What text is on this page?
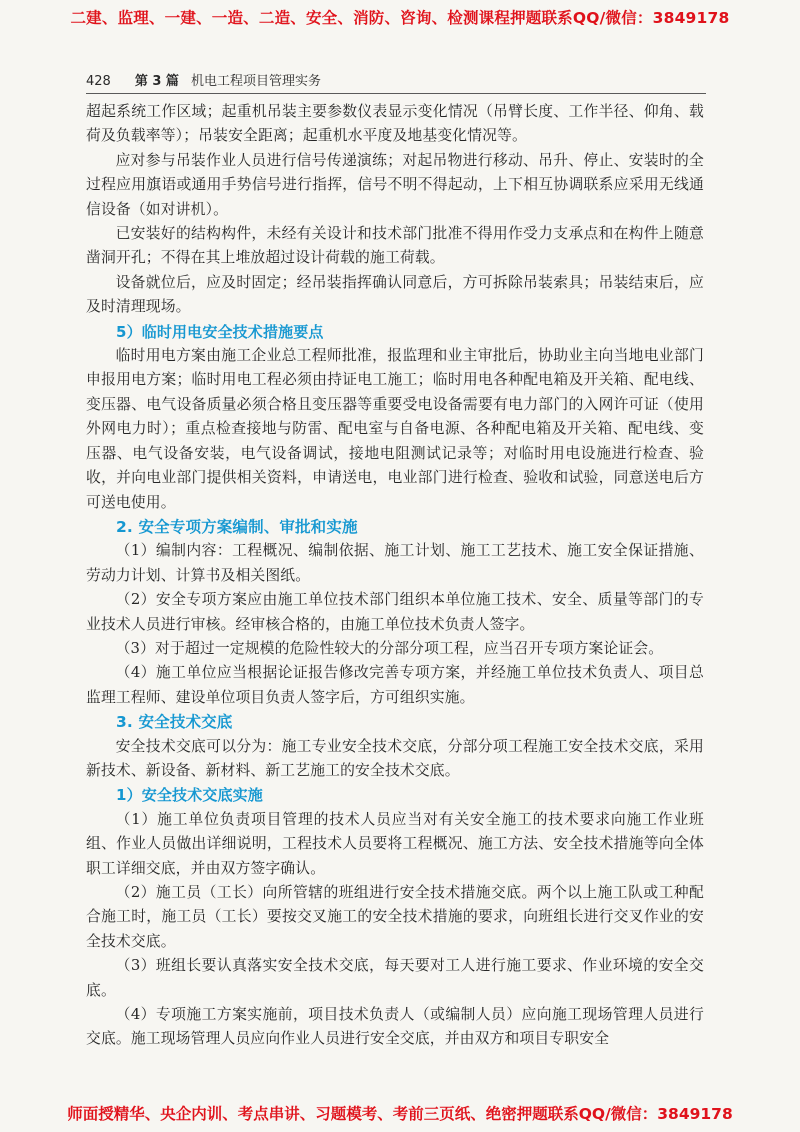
二建、监理、一建、一造、二造、安全、消防、咨询、检测课程押题联系QQ/微信：3849178
428 第 3 篇 机电工程项目管理实务

超起系统工作区域；起重机吊装主要参数仪表显示变化情况（吊臂长度、工作半径、仰角、载荷及负载率等）；吊装安全距离；起重机水平度及地基变化情况等。

应对参与吊装作业人员进行信号传递演练；对起吊物进行移动、吊升、停止、安装时的全过程应用旗语或通用手势信号进行指挥，信号不明不得起动，上下相互协调联系应采用无线通信设备（如对讲机）。

已安装好的结构构件，未经有关设计和技术部门批准不得用作受力支承点和在构件上随意凿洞开孔；不得在其上堆放超过设计荷载的施工荷载。

设备就位后，应及时固定；经吊装指挥确认同意后，方可拆除吊装索具；吊装结束后，应及时清理现场。

5）临时用电安全技术措施要点

临时用电方案由施工企业总工程师批准，报监理和业主审批后，协助业主向当地电业部门申报用电方案；临时用电工程必须由持证电工施工；临时用电各种配电箱及开关箱、配电线、变压器、电气设备质量必须合格且变压器等重要受电设备需要有电力部门的入网许可证（使用外网电力时）；重点检查接地与防雷、配电室与自备电源、各种配电箱及开关箱、配电线、变压器、电气设备安装，电气设备调试，接地电阻测试记录等；对临时用电设施进行检查、验收，并向电业部门提供相关资料，申请送电，电业部门进行检查、验收和试验，同意送电后方可送电使用。

2. 安全专项方案编制、审批和实施

（1）编制内容：工程概况、编制依据、施工计划、施工工艺技术、施工安全保证措施、劳动力计划、计算书及相关图纸。

（2）安全专项方案应由施工单位技术部门组织本单位施工技术、安全、质量等部门的专业技术人员进行审核。经审核合格的，由施工单位技术负责人签字。

（3）对于超过一定规模的危险性较大的分部分项工程，应当召开专项方案论证会。

（4）施工单位应当根据论证报告修改完善专项方案，并经施工单位技术负责人、项目总监理工程师、建设单位项目负责人签字后，方可组织实施。

3. 安全技术交底

安全技术交底可以分为：施工专业安全技术交底，分部分项工程施工安全技术交底，采用新技术、新设备、新材料、新工艺施工的安全技术交底。

1）安全技术交底实施

（1）施工单位负责项目管理的技术人员应当对有关安全施工的技术要求向施工作业班组、作业人员做出详细说明，工程技术人员要将工程概况、施工方法、安全技术措施等向全体职工详细交底，并由双方签字确认。

（2）施工员（工长）向所管辖的班组进行安全技术措施交底。两个以上施工队或工种配合施工时，施工员（工长）要按交叉施工的安全技术措施的要求，向班组长进行交叉作业的安全技术交底。

（3）班组长要认真落实安全技术交底，每天要对工人进行施工要求、作业环境的安全交底。

（4）专项施工方案实施前，项目技术负责人（或编制人员）应向施工现场管理人员进行交底。施工现场管理人员应向作业人员进行安全交底，并由双方和项目专职安全

师面授精华、央企内训、考点串讲、习题模考、考前三页纸、绝密押题联系QQ/微信：3849178
